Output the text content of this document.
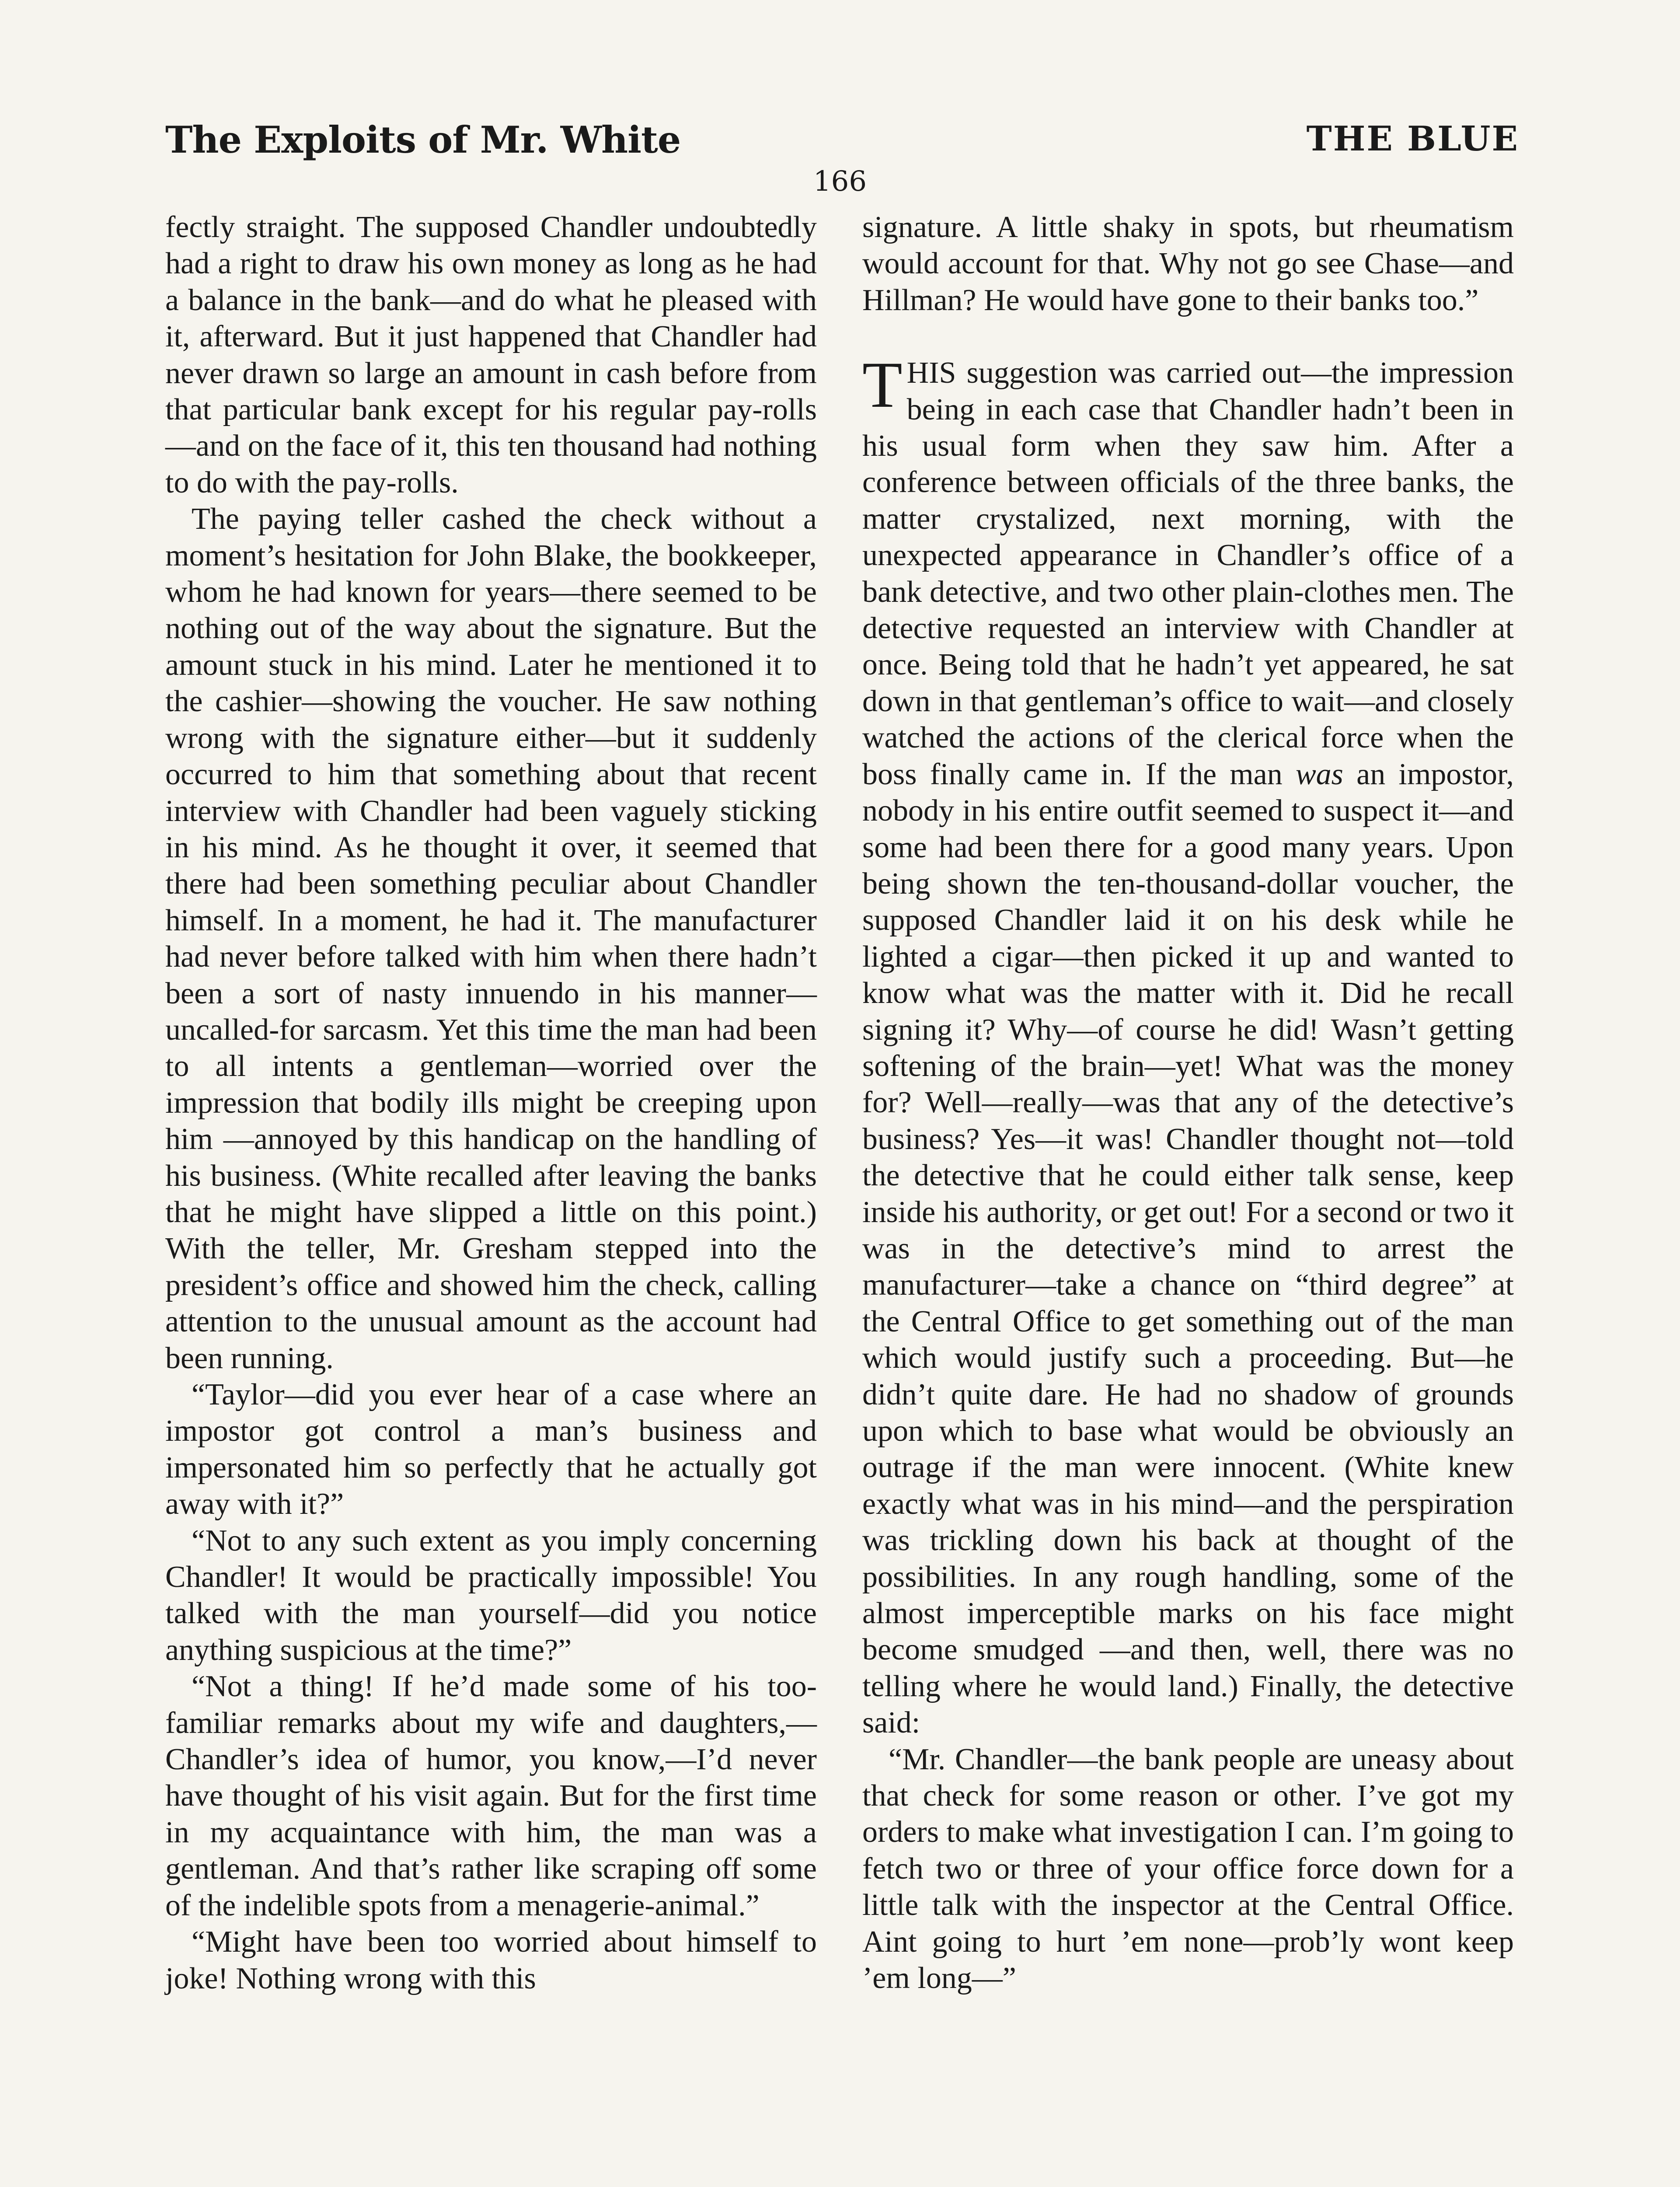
The Exploits of Mr. White	THE BLUE
166

fectly straight. The supposed Chandler undoubtedly had a right to draw his own money as long as he had a balance in the bank—and do what he pleased with it, afterward. But it just happened that Chandler had never drawn so large an amount in cash before from that particular bank except for his regular pay-rolls—and on the face of it, this ten thousand had nothing to do with the pay-rolls.

The paying teller cashed the check without a moment’s hesitation for John Blake, the bookkeeper, whom he had known for years—there seemed to be nothing out of the way about the signature. But the amount stuck in his mind. Later he mentioned it to the cashier—showing the voucher. He saw nothing wrong with the signature either—but it suddenly occurred to him that something about that recent interview with Chandler had been vaguely sticking in his mind. As he thought it over, it seemed that there had been something peculiar about Chandler himself. In a moment, he had it. The manufacturer had never before talked with him when there hadn’t been a sort of nasty innuendo in his manner—uncalled-for sarcasm. Yet this time the man had been to all intents a gentleman—worried over the impression that bodily ills might be creeping upon him —annoyed by this handicap on the handling of his business. (White recalled after leaving the banks that he might have slipped a little on this point.) With the teller, Mr. Gresham stepped into the president’s office and showed him the check, calling attention to the unusual amount as the account had been running.

“Taylor—did you ever hear of a case where an impostor got control a man’s business and impersonated him so perfectly that he actually got away with it?”

“Not to any such extent as you imply concerning Chandler! It would be practically impossible! You talked with the man yourself—did you notice anything suspicious at the time?”

“Not a thing! If he’d made some of his too-familiar remarks about my wife and daughters,—Chandler’s idea of humor, you know,—I’d never have thought of his visit again. But for the first time in my acquaintance with him, the man was a gentleman. And that’s rather like scraping off some of the indelible spots from a menagerie-animal.”

“Might have been too worried about himself to joke! Nothing wrong with this

signature. A little shaky in spots, but rheumatism would account for that. Why not go see Chase—and Hillman? He would have gone to their banks too.”

THIS suggestion was carried out—the impression being in each case that Chandler hadn’t been in his usual form when they saw him. After a conference between officials of the three banks, the matter crystalized, next morning, with the unexpected appearance in Chandler’s office of a bank detective, and two other plain-clothes men. The detective requested an interview with Chandler at once. Being told that he hadn’t yet appeared, he sat down in that gentleman’s office to wait—and closely watched the actions of the clerical force when the boss finally came in. If the man was an impostor, nobody in his entire outfit seemed to suspect it—and some had been there for a good many years. Upon being shown the ten-thousand-dollar voucher, the supposed Chandler laid it on his desk while he lighted a cigar—then picked it up and wanted to know what was the matter with it. Did he recall signing it? Why—of course he did! Wasn’t getting softening of the brain—yet! What was the money for? Well—really—was that any of the detective’s business? Yes—it was! Chandler thought not—told the detective that he could either talk sense, keep inside his authority, or get out! For a second or two it was in the detective’s mind to arrest the manufacturer—take a chance on “third degree” at the Central Office to get something out of the man which would justify such a proceeding. But—he didn’t quite dare. He had no shadow of grounds upon which to base what would be obviously an outrage if the man were innocent. (White knew exactly what was in his mind—and the perspiration was trickling down his back at thought of the possibilities. In any rough handling, some of the almost imperceptible marks on his face might become smudged —and then, well, there was no telling where he would land.) Finally, the detective said:

“Mr. Chandler—the bank people are uneasy about that check for some reason or other. I’ve got my orders to make what investigation I can. I’m going to fetch two or three of your office force down for a little talk with the inspector at the Central Office. Aint going to hurt ’em none—prob’ly wont keep ’em long—”
